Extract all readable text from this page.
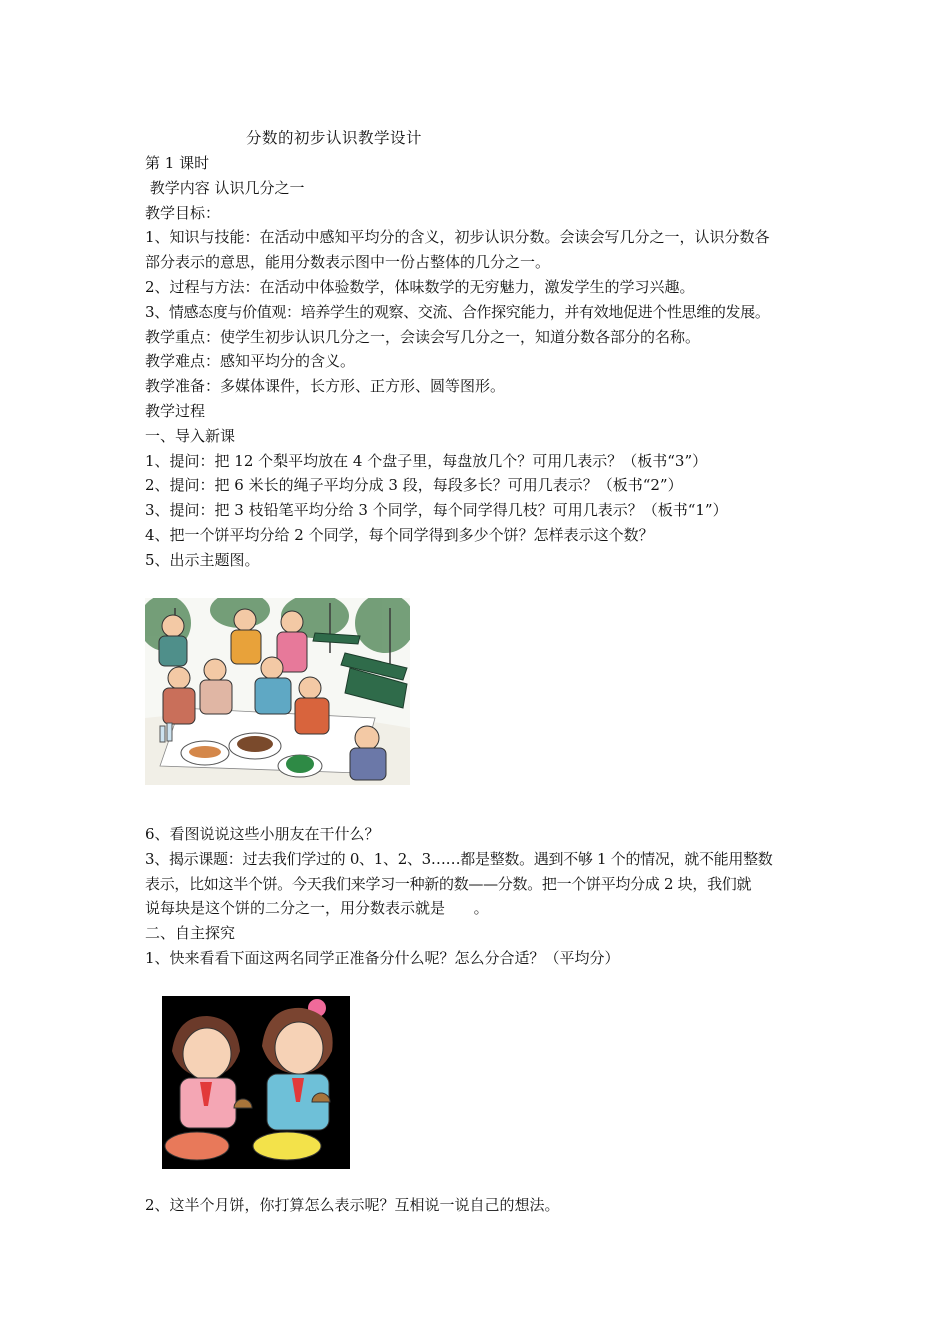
分数的初步认识教学设计

第 1 课时

教学内容 认识几分之一

教学目标：

1、知识与技能：在活动中感知平均分的含义，初步认识分数。会读会写几分之一，认识分数各

部分表示的意思，能用分数表示图中一份占整体的几分之一。

2、过程与方法：在活动中体验数学，体味数学的无穷魅力，激发学生的学习兴趣。

3、情感态度与价值观：培养学生的观察、交流、合作探究能力，并有效地促进个性思维的发展。

教学重点：使学生初步认识几分之一，会读会写几分之一，知道分数各部分的名称。

教学难点：感知平均分的含义。

教学准备：多媒体课件，长方形、正方形、圆等图形。

教学过程

一、导入新课

1、提问：把 12 个梨平均放在 4 个盘子里，每盘放几个？可用几表示？（板书“3”）

2、提问：把 6 米长的绳子平均分成 3 段，每段多长？可用几表示？（板书“2”）

3、提问：把 3 枝铅笔平均分给 3 个同学，每个同学得几枝？可用几表示？（板书“1”）

4、把一个饼平均分给 2 个同学，每个同学得到多少个饼？怎样表示这个数？

5、出示主题图。

6、看图说说这些小朋友在干什么？

3、揭示课题：过去我们学过的 0、1、2、3……都是整数。遇到不够 1 个的情况，就不能用整数

表示，比如这半个饼。今天我们来学习一种新的数——分数。把一个饼平均分成 2 块，我们就

说每块是这个饼的二分之一，用分数表示就是      。

二、自主探究

1、快来看看下面这两名同学正准备分什么呢？怎么分合适？（平均分）

2、这半个月饼，你打算怎么表示呢？互相说一说自己的想法。
